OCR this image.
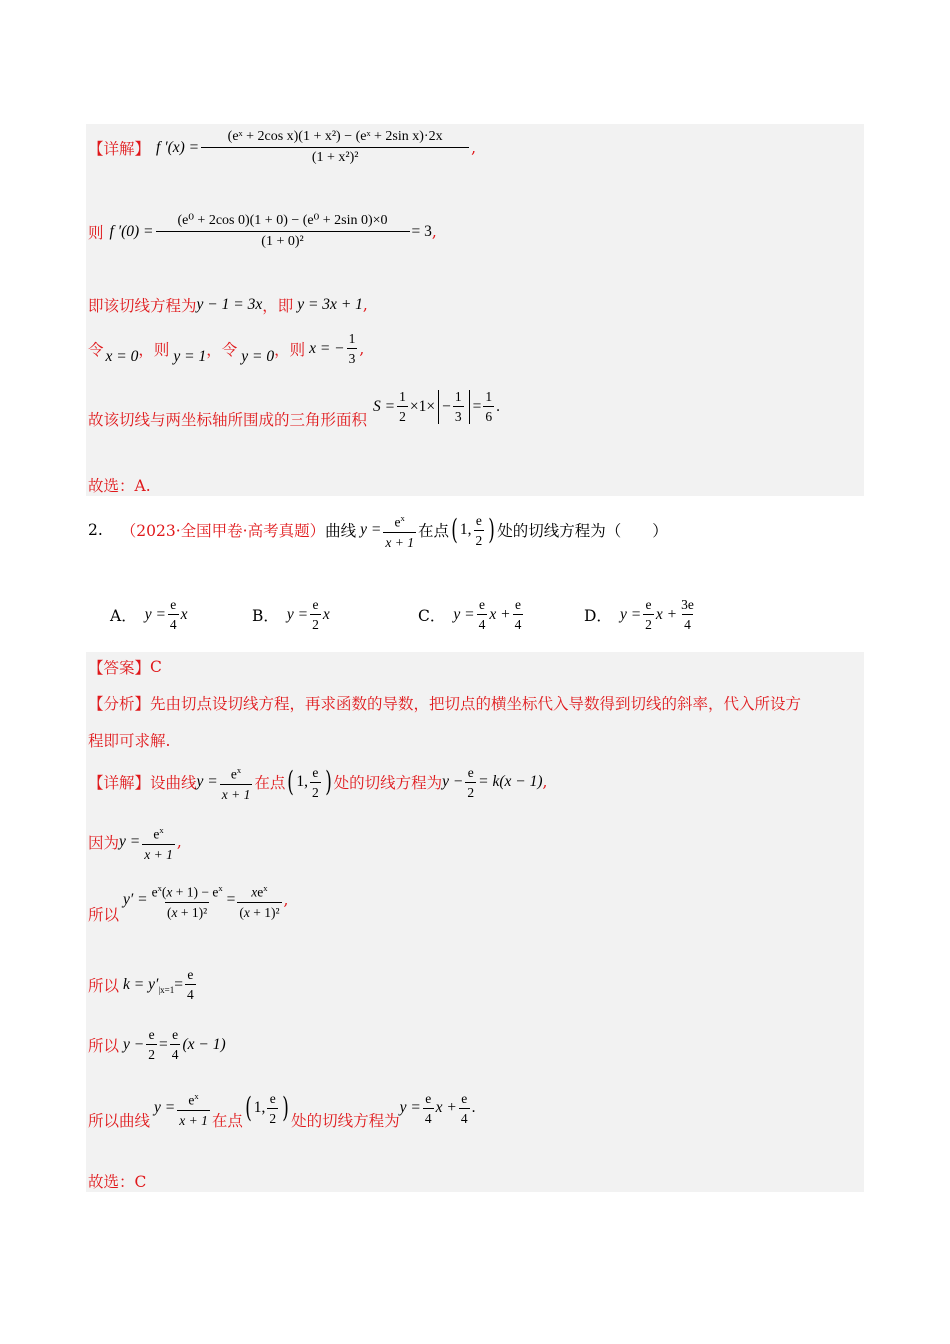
【详解】 f $'(x) = \frac{\text{(eˣ + 2cos x)(1 + x²) − (eˣ + 2sin x)·2x}}{\text{(1 + x²)²}}$ ,
则 f $'(0) = \frac{\text{(e⁰ + 2cos 0)(1 + 0) − (e⁰ + 2sin 0)×0}}{\text{(1 + 0)²}} = 3$ ,
即该切线方程为 y − 1 = 3x ，即 y = 3x + 1 ,
令 x = 0 ，则 y = 1 ，令 y = 0 ，则 x = − $\frac{1}{3}$ ,
故该切线与两坐标轴所围成的三角形面积
$S = \frac{1}{2} \times 1\times - \frac{1}{3} = \frac{1}{6}$ .
故选：A.
2. （2023·全国甲卷·高考真题） 曲线 $y = \frac{e^x}{x + 1}$ 在点 ( 1, $\frac{e}{2}$ ) 处的切线方程为（　　）
A． $y = \frac{e}{4}$ x	B． $y = \frac{e}{2}$ x	C． $y = \frac{e}{4}$ $x + \frac{e}{4}$	D． $y = \frac{e}{2}$ $x + \frac{3e}{4}$
【答案】 C
【分析】 先由切点设切线方程，再求函数的导数，把切点的横坐标代入导数得到切线的斜率，代入所设方
程即可求解.
【详解】 设曲线 $y = \frac{e^x}{x + 1}$ 在点 ( 1, $\frac{e}{2}$ ) 处的切线方程为 $y - \frac{e}{2} = k(x - 1)$ ,
因为 $y = \frac{e^x}{x + 1}$ ,
所以
$y' = \frac{e^x(x + 1) - e^x}{\text{(x + 1)²}} = \frac{xe^x}{\text{(x + 1)²}}$ ,
所以 k = y′ $|x=1 = \frac{e}{4}$
所以 $y - \frac{e}{2} = \frac{e}{4} (x - 1)$
所以曲线
$y = \frac{e^x}{x + 1}$ 在点 ( 1, $\frac{e}{2}$ ) 处的切线方程为
$y = \frac{e}{4}$ $x + \frac{e}{4}$ .
故选：C
